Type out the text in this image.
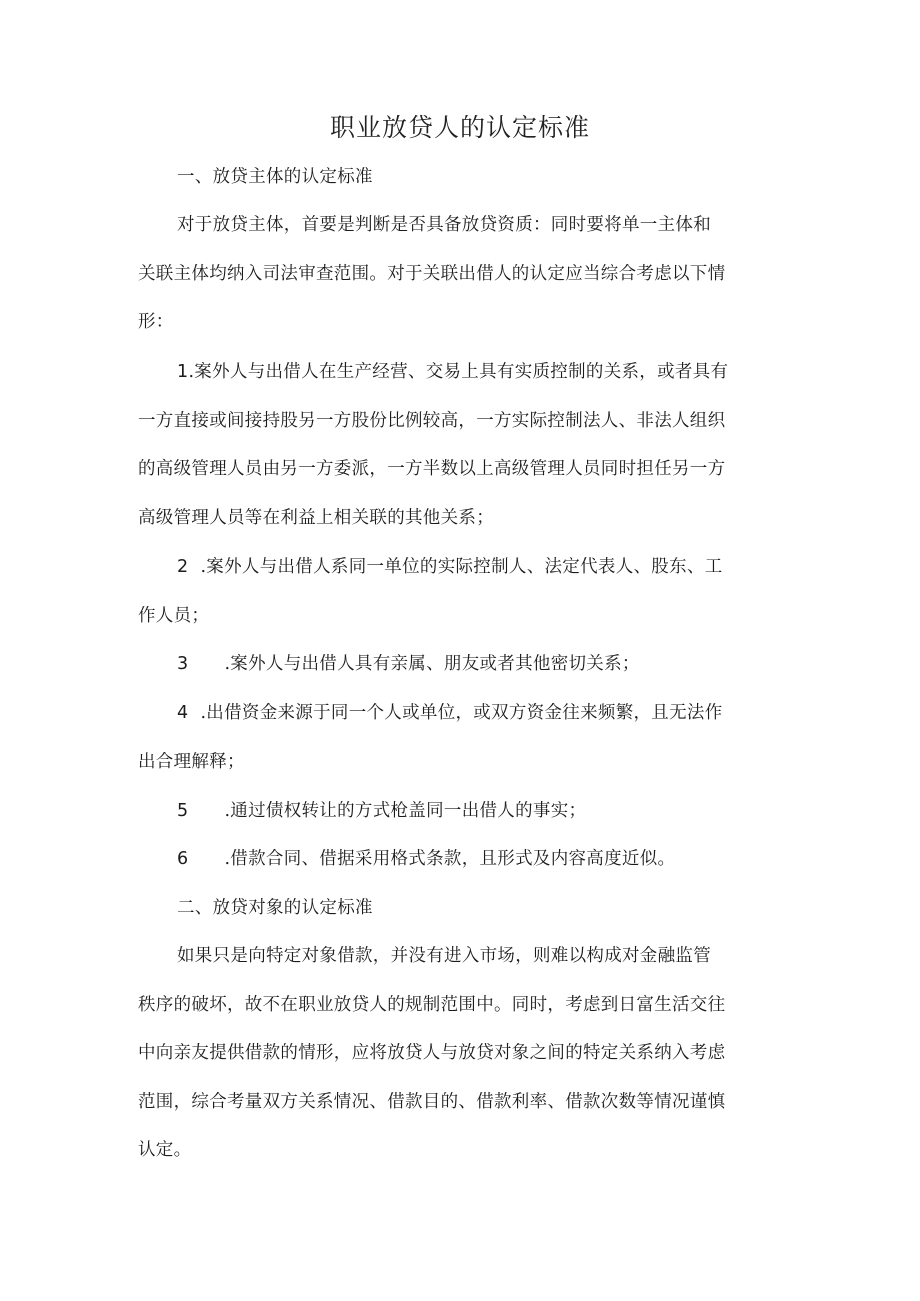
职业放贷人的认定标准
一、放贷主体的认定标准
对于放贷主体，首要是判断是否具备放贷资质：同时要将单一主体和
关联主体均纳入司法审查范围。对于关联出借人的认定应当综合考虑以下情
形：
1.案外人与出借人在生产经营、交易上具有实质控制的关系，或者具有
一方直接或间接持股另一方股份比例较高，一方实际控制法人、非法人组织
的高级管理人员由另一方委派，一方半数以上高级管理人员同时担任另一方
高级管理人员等在利益上相关联的其他关系；
2 .案外人与出借人系同一单位的实际控制人、法定代表人、股东、工
作人员；
3 .案外人与出借人具有亲属、朋友或者其他密切关系；
4 .出借资金来源于同一个人或单位，或双方资金往来频繁，且无法作
出合理解释；
5 .通过债权转让的方式枪盖同一出借人的事实；
6 .借款合同、借据采用格式条款，且形式及内容高度近似。
二、放贷对象的认定标准
如果只是向特定对象借款，并没有进入市场，则难以构成对金融监管
秩序的破坏，故不在职业放贷人的规制范围中。同时，考虑到日富生活交往
中向亲友提供借款的情形，应将放贷人与放贷对象之间的特定关系纳入考虑
范围，综合考量双方关系情况、借款目的、借款利率、借款次数等情况谨慎
认定。
